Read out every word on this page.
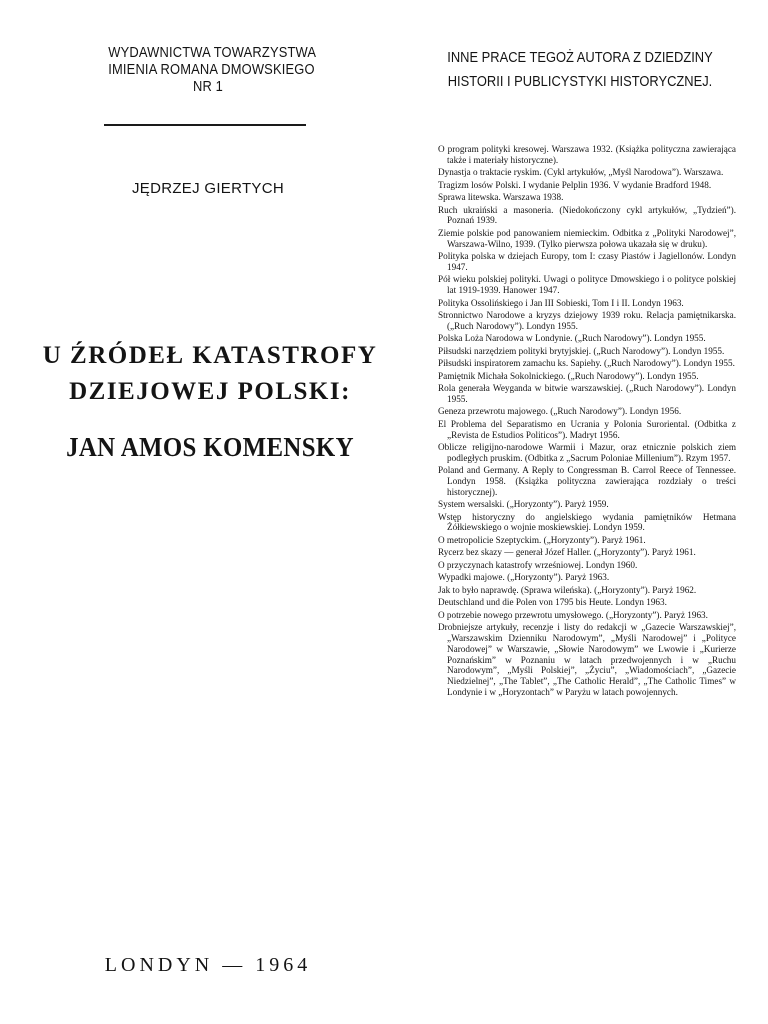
WYDAWNICTWA TOWARZYSTWA
IMIENIA ROMANA DMOWSKIEGO
NR 1
JĘDRZEJ GIERTYCH
U ŹRÓDEŁ KATASTROFY
DZIEJOWEJ POLSKI:
JAN AMOS KOMENSKY
LONDYN — 1964
INNE PRACE TEGOŻ AUTORA Z DZIEDZINY
HISTORII I PUBLICYSTYKI HISTORYCZNEJ.
O program polityki kresowej. Warszawa 1932. (Książka polityczna zawierająca także i materiały historyczne).
Dynastja o traktacie ryskim. (Cykl artykułów, „Myśl Narodowa”). Warszawa.
Tragizm losów Polski. I wydanie Pelplin 1936. V wydanie Bradford 1948.
Sprawa litewska. Warszawa 1938.
Ruch ukraiński a masoneria. (Niedokończony cykl artykułów, „Tydzień”). Poznań 1939.
Ziemie polskie pod panowaniem niemieckim. Odbitka z „Polityki Narodowej”, Warszawa-Wilno, 1939. (Tylko pierwsza połowa ukazała się w druku).
Polityka polska w dziejach Europy, tom I: czasy Piastów i Jagiellonów. Londyn 1947.
Pół wieku polskiej polityki. Uwagi o polityce Dmowskiego i o polityce polskiej lat 1919-1939. Hanower 1947.
Polityka Ossolińskiego i Jan III Sobieski, Tom I i II. Londyn 1963.
Stronnictwo Narodowe a kryzys dziejowy 1939 roku. Relacja pamiętnikarska. („Ruch Narodowy”). Londyn 1955.
Polska Loża Narodowa w Londynie. („Ruch Narodowy”). Londyn 1955.
Piłsudski narzędziem polityki brytyjskiej. („Ruch Narodowy”). Londyn 1955.
Piłsudski inspiratorem zamachu ks. Sapiehy. („Ruch Narodowy”). Londyn 1955.
Pamiętnik Michała Sokolnickiego. („Ruch Narodowy”). Londyn 1955.
Rola generała Weyganda w bitwie warszawskiej. („Ruch Narodowy”). Londyn 1955.
Geneza przewrotu majowego. („Ruch Narodowy”). Londyn 1956.
El Problema del Separatismo en Ucrania y Polonia Suroriental. (Odbitka z „Revista de Estudios Politicos”). Madryt 1956.
Oblicze religijno-narodowe Warmii i Mazur, oraz etnicznie polskich ziem podległych pruskim. (Odbitka z „Sacrum Poloniae Millenium”). Rzym 1957.
Poland and Germany. A Reply to Congressman B. Carrol Reece of Tennessee. Londyn 1958. (Książka polityczna zawierająca rozdziały o treści historycznej).
System wersalski. („Horyzonty”). Paryż 1959.
Wstęp historyczny do angielskiego wydania pamiętników Hetmana Żółkiewskiego o wojnie moskiewskiej. Londyn 1959.
O metropolicie Szeptyckim. („Horyzonty”). Paryż 1961.
Rycerz bez skazy — generał Józef Haller. („Horyzonty”). Paryż 1961.
O przyczynach katastrofy wrześniowej. Londyn 1960.
Wypadki majowe. („Horyzonty”). Paryż 1963.
Jak to było naprawdę. (Sprawa wileńska). („Horyzonty”). Paryż 1962.
Deutschland und die Polen von 1795 bis Heute. Londyn 1963.
O potrzebie nowego przewrotu umysłowego. („Horyzonty”). Paryż 1963.
Drobniejsze artykuły, recenzje i listy do redakcji w „Gazecie Warszawskiej”, „Warszawskim Dzienniku Narodowym”, „Myśli Narodowej” i „Polityce Narodowej” w Warszawie, „Słowie Narodowym” we Lwowie i „Kurierze Poznańskim” w Poznaniu w latach przedwojennych i w „Ruchu Narodowym”, „Myśli Polskiej”, „Życiu”, „Wiadomościach”, „Gazecie Niedzielnej”, „The Tablet”, „The Catholic Herald”, „The Catholic Times” w Londynie i w „Horyzontach” w Paryżu w latach powojennych.
